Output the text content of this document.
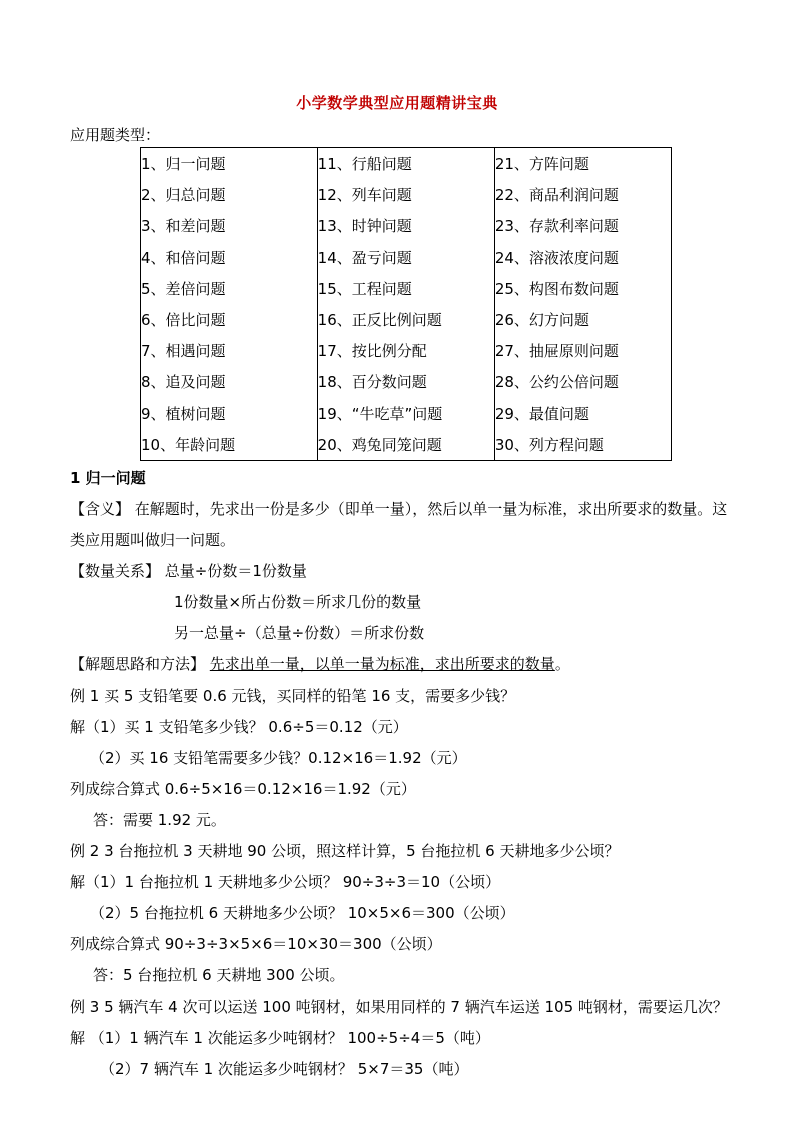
小学数学典型应用题精讲宝典
应用题类型：
1、归一问题	11、行船问题	21、方阵问题
2、归总问题	12、列车问题	22、商品利润问题
3、和差问题	13、时钟问题	23、存款利率问题
4、和倍问题	14、盈亏问题	24、溶液浓度问题
5、差倍问题	15、工程问题	25、构图布数问题
6、倍比问题	16、正反比例问题	26、幻方问题
7、相遇问题	17、按比例分配	27、抽屉原则问题
8、追及问题	18、百分数问题	28、公约公倍问题
9、植树问题	19、“牛吃草”问题	29、最值问题
10、年龄问题	20、鸡兔同笼问题	30、列方程问题
1 归一问题
【含义】 在解题时，先求出一份是多少（即单一量），然后以单一量为标准，求出所要求的数量。这
类应用题叫做归一问题。
【数量关系】 总量÷份数＝1份数量
1份数量×所占份数＝所求几份的数量
另一总量÷（总量÷份数）＝所求份数
【解题思路和方法】 先求出单一量，以单一量为标准，求出所要求的数量。
例 1 买 5 支铅笔要 0.6 元钱，买同样的铅笔 16 支，需要多少钱？
解（1）买 1 支铅笔多少钱？ 0.6÷5＝0.12（元）
（2）买 16 支铅笔需要多少钱？0.12×16＝1.92（元）
列成综合算式 0.6÷5×16＝0.12×16＝1.92（元）
答：需要 1.92 元。
例 2 3 台拖拉机 3 天耕地 90 公顷，照这样计算，5 台拖拉机 6 天耕地多少公顷？
解（1）1 台拖拉机 1 天耕地多少公顷？ 90÷3÷3＝10（公顷）
（2）5 台拖拉机 6 天耕地多少公顷？ 10×5×6＝300（公顷）
列成综合算式 90÷3÷3×5×6＝10×30＝300（公顷）
答：5 台拖拉机 6 天耕地 300 公顷。
例 3 5 辆汽车 4 次可以运送 100 吨钢材，如果用同样的 7 辆汽车运送 105 吨钢材，需要运几次？
解 （1）1 辆汽车 1 次能运多少吨钢材？ 100÷5÷4＝5（吨）
（2）7 辆汽车 1 次能运多少吨钢材？ 5×7＝35（吨）
